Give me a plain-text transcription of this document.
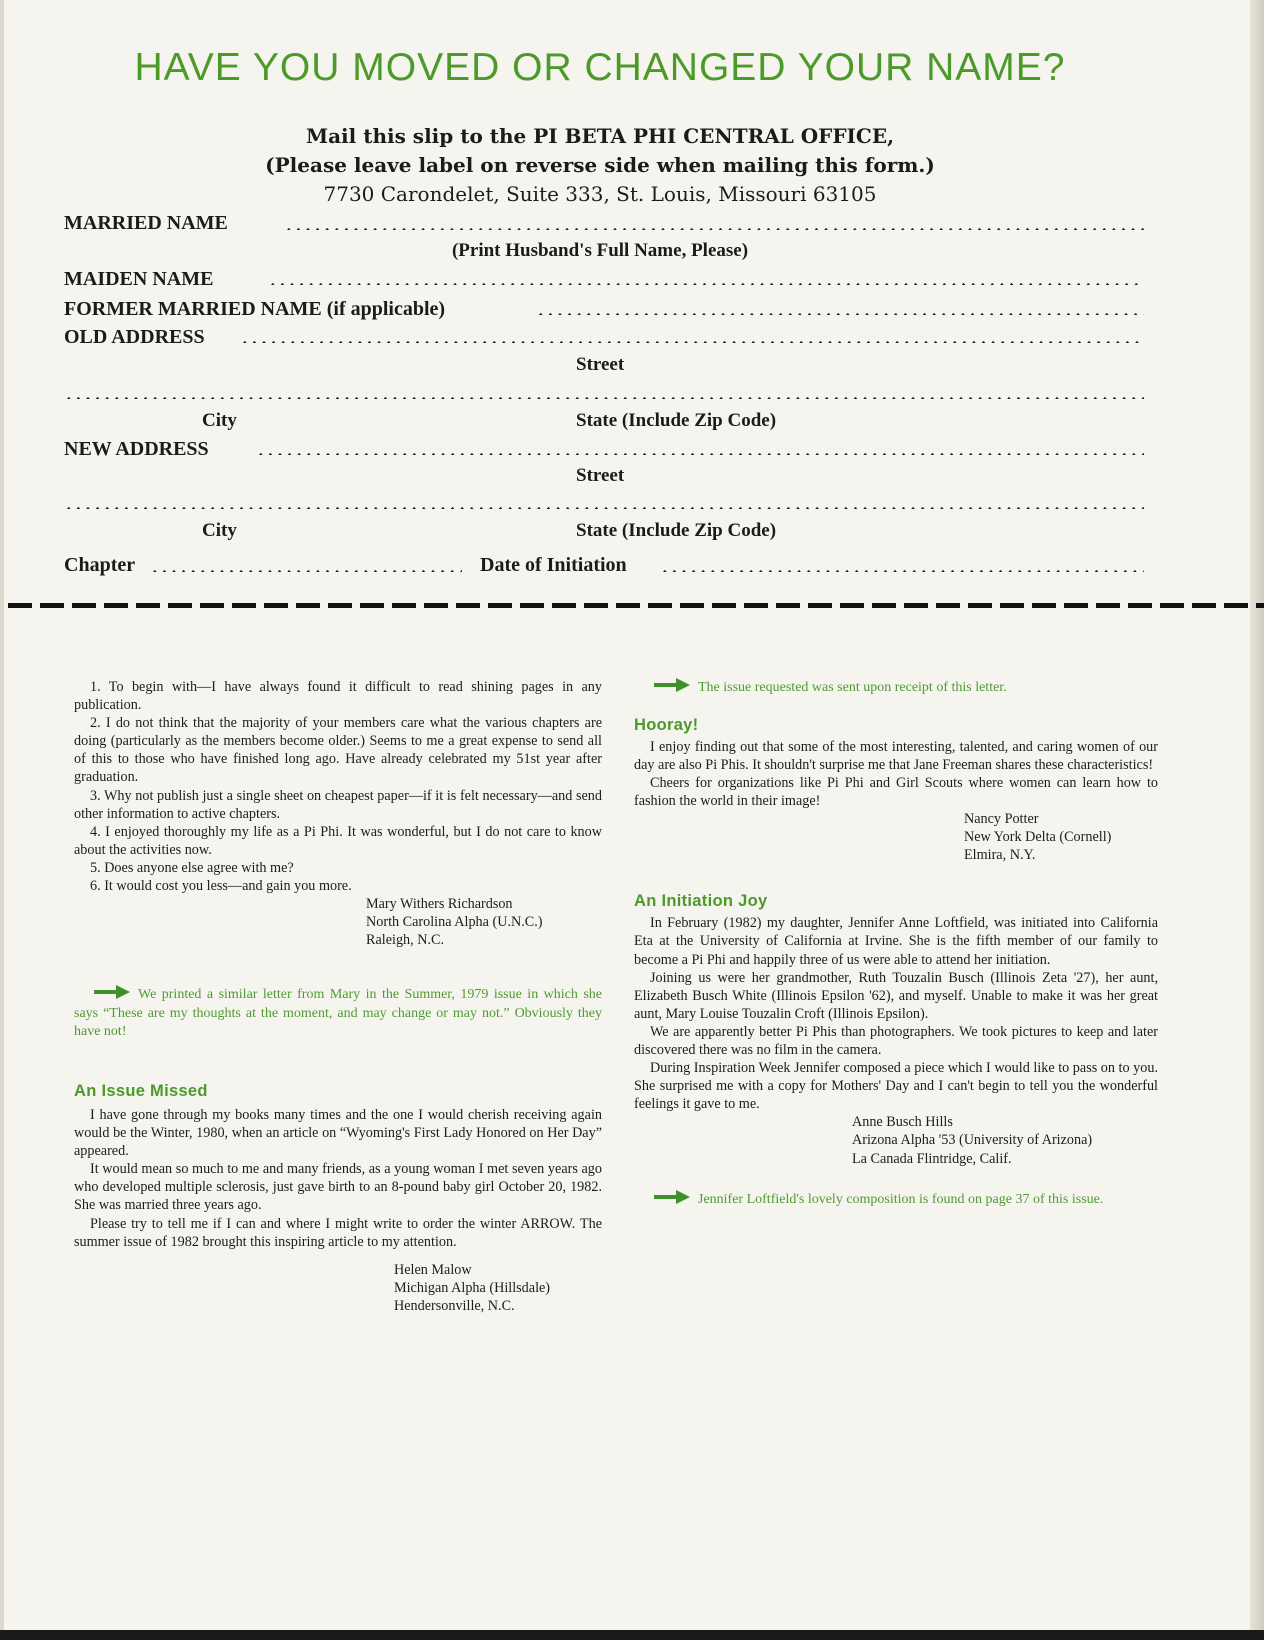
HAVE YOU MOVED OR CHANGED YOUR NAME?
Mail this slip to the PI BETA PHI CENTRAL OFFICE,
(Please leave label on reverse side when mailing this form.)
7730 Carondelet, Suite 333, St. Louis, Missouri 63105
MARRIED NAME
(Print Husband's Full Name, Please)
MAIDEN NAME
FORMER MARRIED NAME (if applicable)
OLD ADDRESS
Street
City	State (Include Zip Code)
NEW ADDRESS
Street
City	State (Include Zip Code)
Chapter	Date of Initiation

1. To begin with—I have always found it difficult to read shining pages in any publication.

2. I do not think that the majority of your members care what the various chapters are doing (particularly as the members become older.) Seems to me a great expense to send all of this to those who have finished long ago. Have already celebrated my 51st year after graduation.

3. Why not publish just a single sheet on cheapest paper—if it is felt necessary—and send other information to active chapters.

4. I enjoyed thoroughly my life as a Pi Phi. It was wonderful, but I do not care to know about the activities now.

5. Does anyone else agree with me?

6. It would cost you less—and gain you more.

Mary Withers Richardson
North Carolina Alpha (U.N.C.)
Raleigh, N.C.

We printed a similar letter from Mary in the Summer, 1979 issue in which she says “These are my thoughts at the moment, and may change or may not.” Obviously they have not!

An Issue Missed

I have gone through my books many times and the one I would cherish receiving again would be the Winter, 1980, when an article on “Wyoming's First Lady Honored on Her Day” appeared.

It would mean so much to me and many friends, as a young woman I met seven years ago who developed multiple sclerosis, just gave birth to an 8-pound baby girl October 20, 1982. She was married three years ago.

Please try to tell me if I can and where I might write to order the winter ARROW. The summer issue of 1982 brought this inspiring article to my attention.

Helen Malow
Michigan Alpha (Hillsdale)
Hendersonville, N.C.

The issue requested was sent upon receipt of this letter.

Hooray!

I enjoy finding out that some of the most interesting, talented, and caring women of our day are also Pi Phis. It shouldn't surprise me that Jane Freeman shares these characteristics!

Cheers for organizations like Pi Phi and Girl Scouts where women can learn how to fashion the world in their image!

Nancy Potter
New York Delta (Cornell)
Elmira, N.Y.
An Initiation Joy

In February (1982) my daughter, Jennifer Anne Loftfield, was initiated into California Eta at the University of California at Irvine. She is the fifth member of our family to become a Pi Phi and happily three of us were able to attend her initiation.

Joining us were her grandmother, Ruth Touzalin Busch (Illinois Zeta '27), her aunt, Elizabeth Busch White (Illinois Epsilon '62), and myself. Unable to make it was her great aunt, Mary Louise Touzalin Croft (Illinois Epsilon).

We are apparently better Pi Phis than photographers. We took pictures to keep and later discovered there was no film in the camera.

During Inspiration Week Jennifer composed a piece which I would like to pass on to you. She surprised me with a copy for Mothers' Day and I can't begin to tell you the wonderful feelings it gave to me.

Anne Busch Hills
Arizona Alpha '53 (University of Arizona)
La Canada Flintridge, Calif.

Jennifer Loftfield's lovely composition is found on page 37 of this issue.
